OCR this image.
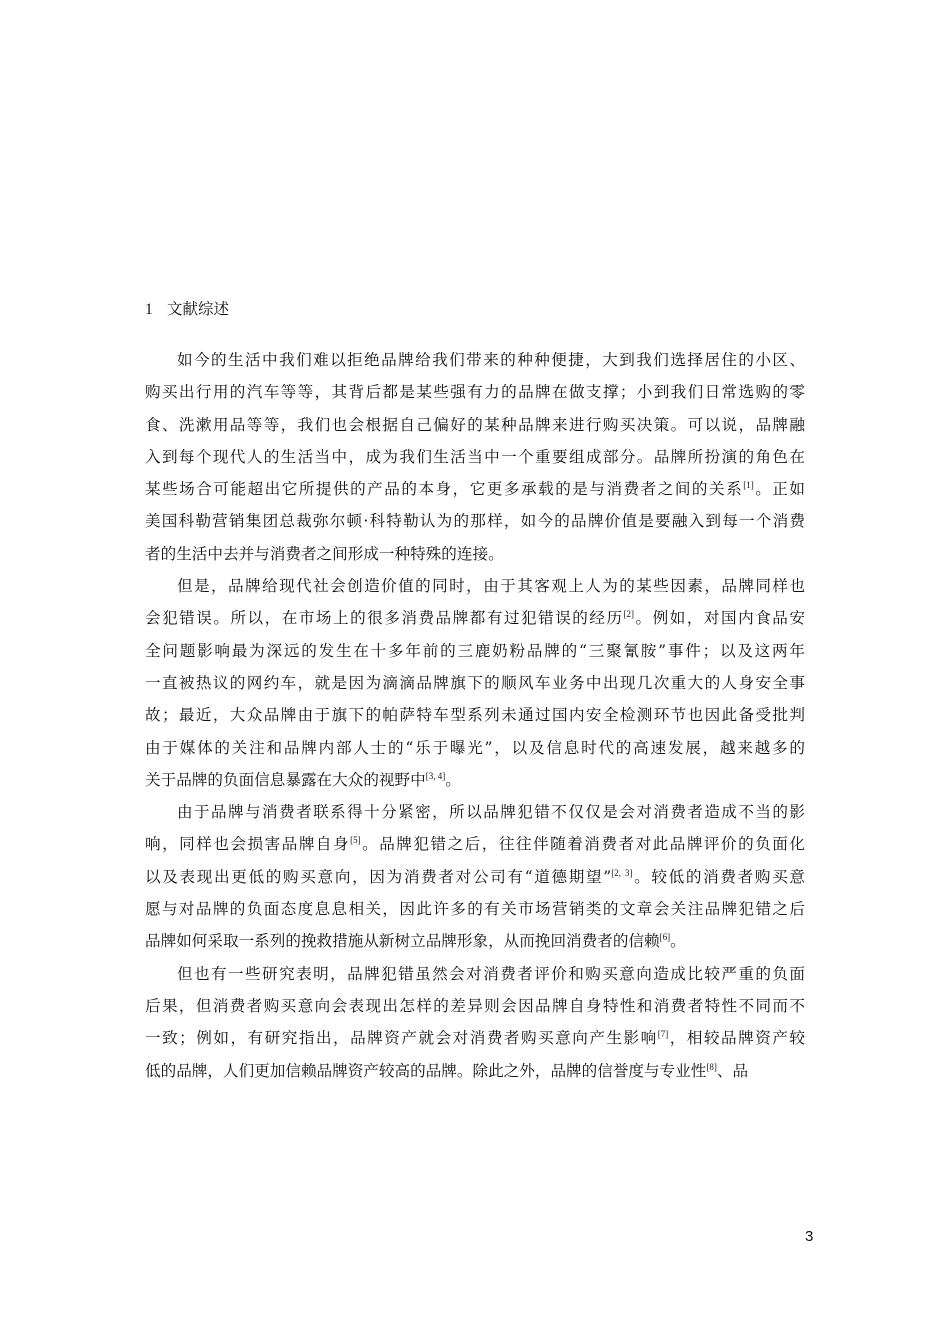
1 文献综述
如今的生活中我们难以拒绝品牌给我们带来的种种便捷，大到我们选择居住的小区、
购买出行用的汽车等等，其背后都是某些强有力的品牌在做支撑；小到我们日常选购的零
食、洗漱用品等等，我们也会根据自己偏好的某种品牌来进行购买决策。可以说，品牌融
入到每个现代人的生活当中，成为我们生活当中一个重要组成部分。品牌所扮演的角色在
某些场合可能超出它所提供的产品的本身，它更多承载的是与消费者之间的关系[1]。正如
美国科勒营销集团总裁弥尔顿·科特勒认为的那样，如今的品牌价值是要融入到每一个消费
者的生活中去并与消费者之间形成一种特殊的连接。
但是，品牌给现代社会创造价值的同时，由于其客观上人为的某些因素，品牌同样也
会犯错误。所以，在市场上的很多消费品牌都有过犯错误的经历[2]。例如，对国内食品安
全问题影响最为深远的发生在十多年前的三鹿奶粉品牌的“三聚氰胺”事件；以及这两年
一直被热议的网约车，就是因为滴滴品牌旗下的顺风车业务中出现几次重大的人身安全事
故；最近，大众品牌由于旗下的帕萨特车型系列未通过国内安全检测环节也因此备受批判
由于媒体的关注和品牌内部人士的“乐于曝光”，以及信息时代的高速发展，越来越多的
关于品牌的负面信息暴露在大众的视野中[3, 4]。
由于品牌与消费者联系得十分紧密，所以品牌犯错不仅仅是会对消费者造成不当的影
响，同样也会损害品牌自身[5]。品牌犯错之后，往往伴随着消费者对此品牌评价的负面化
以及表现出更低的购买意向，因为消费者对公司有“道德期望”[2, 3]。较低的消费者购买意
愿与对品牌的负面态度息息相关，因此许多的有关市场营销类的文章会关注品牌犯错之后
品牌如何采取一系列的挽救措施从新树立品牌形象，从而挽回消费者的信赖[6]。
但也有一些研究表明，品牌犯错虽然会对消费者评价和购买意向造成比较严重的负面
后果，但消费者购买意向会表现出怎样的差异则会因品牌自身特性和消费者特性不同而不
一致；例如，有研究指出，品牌资产就会对消费者购买意向产生影响[7]，相较品牌资产较
低的品牌，人们更加信赖品牌资产较高的品牌。除此之外，品牌的信誉度与专业性[8]、品
3
